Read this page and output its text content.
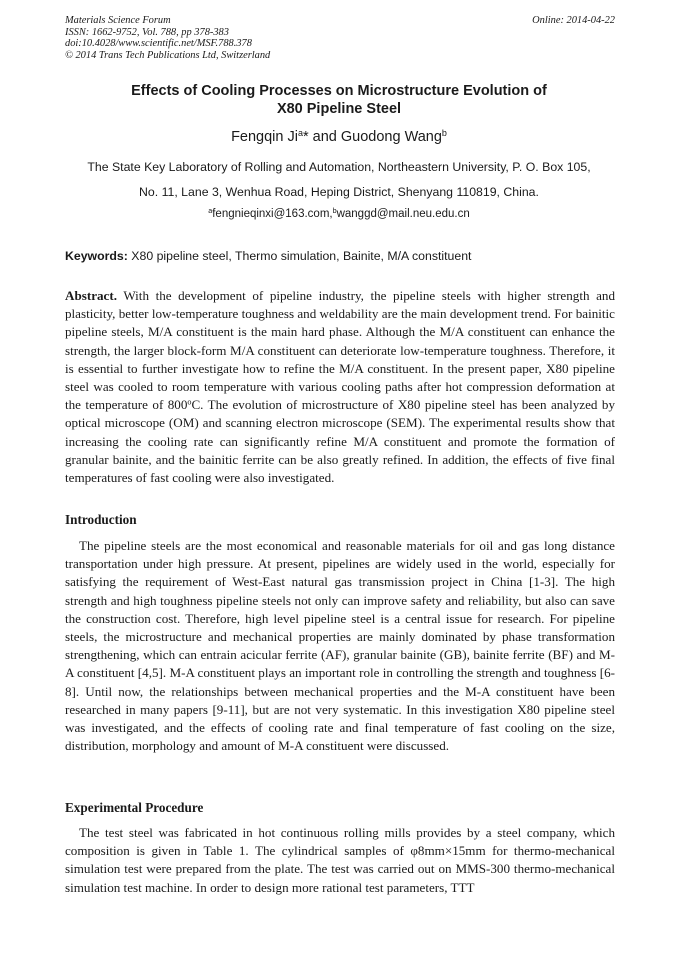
Materials Science Forum
ISSN: 1662-9752, Vol. 788, pp 378-383
doi:10.4028/www.scientific.net/MSF.788.378
© 2014 Trans Tech Publications Ltd, Switzerland
Online: 2014-04-22
Effects of Cooling Processes on Microstructure Evolution of
X80 Pipeline Steel
Fengqin Ji$^a$* and Guodong Wang$^b$
The State Key Laboratory of Rolling and Automation, Northeastern University, P. O. Box 105,
No. 11, Lane 3, Wenhua Road, Heping District, Shenyang 110819, China.
$^a$fengnieqinxi@163.com,$^b$wanggd@mail.neu.edu.cn
Keywords: X80 pipeline steel, Thermo simulation, Bainite, M/A constituent
Abstract. With the development of pipeline industry, the pipeline steels with higher strength and plasticity, better low-temperature toughness and weldability are the main development trend. For bainitic pipeline steels, M/A constituent is the main hard phase. Although the M/A constituent can enhance the strength, the larger block-form M/A constituent can deteriorate low-temperature toughness. Therefore, it is essential to further investigate how to refine the M/A constituent. In the present paper, X80 pipeline steel was cooled to room temperature with various cooling paths after hot compression deformation at the temperature of 800$^o$C. The evolution of microstructure of X80 pipeline steel has been analyzed by optical microscope (OM) and scanning electron microscope (SEM). The experimental results show that increasing the cooling rate can significantly refine M/A constituent and promote the formation of granular bainite, and the bainitic ferrite can be also greatly refined. In addition, the effects of five final temperatures of fast cooling were also investigated.
Introduction
The pipeline steels are the most economical and reasonable materials for oil and gas long distance transportation under high pressure. At present, pipelines are widely used in the world, especially for satisfying the requirement of West-East natural gas transmission project in China [1-3]. The high strength and high toughness pipeline steels not only can improve safety and reliability, but also can save the construction cost. Therefore, high level pipeline steel is a central issue for research. For pipeline steels, the microstructure and mechanical properties are mainly dominated by phase transformation strengthening, which can entrain acicular ferrite (AF), granular bainite (GB), bainite ferrite (BF) and M-A constituent [4,5]. M-A constituent plays an important role in controlling the strength and toughness [6-8]. Until now, the relationships between mechanical properties and the M-A constituent have been researched in many papers [9-11], but are not very systematic. In this investigation X80 pipeline steel was investigated, and the effects of cooling rate and final temperature of fast cooling on the size, distribution, morphology and amount of M-A constituent were discussed.
Experimental Procedure
The test steel was fabricated in hot continuous rolling mills provides by a steel company, which composition is given in Table 1. The cylindrical samples of φ8mm×15mm for thermo-mechanical simulation test were prepared from the plate. The test was carried out on MMS-300 thermo-mechanical simulation test machine. In order to design more rational test parameters, TTT
